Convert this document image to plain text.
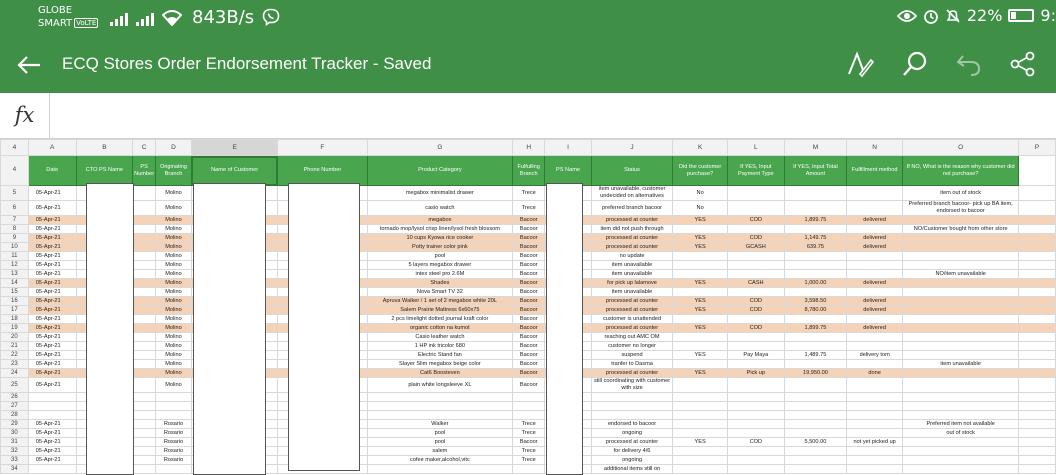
GLOBE
SMART VoLTE	843B/s	22% 9:
ECQ Stores Order Endorsement Tracker - Saved
fx
4	A	B	C	D	E	F	G	H	I	J	K	L	M	N	O	P
4	Date	CTO PS Name	PS Number	Originating Branch	Name of Customer	Phone Number	Product Category	Fulfulling Branch	PS Name	Status	Did the customer purchase?	If YES, Input Payment Type	If YES, Input Total Amount	Fulfillment method	If NO, What is the reason why customer did not purchase?	
5	05-Apr-21			Molino			megabox minimalist drawer	Trece		item unavailable, customer undecided on alternatives	No				item out of stock	
6	05-Apr-21			Molino			casio watch	Trece		preferred branch bacoor	No				Preferred branch bacoor- pick up BA item, endorsed to bacoor	
7	05-Apr-21			Molino			megabox	Bacoor		processed at counter	YES	COD	1,899.75	delivered		
8	05-Apr-21			Molino			tornado mop/lysol crisp linen/lysol fresh blossom	Bacoor		item did not push through					NO/Customer bought from other store	
9	05-Apr-21			Molino			10 cups Kyowa rice cooker	Bacoor		processed at counter	YES	COD	1,149.75	delivered		
10	05-Apr-21			Molino			Potty trainer color pink	Bacoor		processed at counter	YES	GCASH	639.75	delivered		
11	05-Apr-21			Molino			pool	Bacoor		no update						
12	05-Apr-21			Molino			5 layers megabox drawer	Bacoor		item unavailable						
13	05-Apr-21			Molino			intex steel pro 2.6M	Bacoor		item unavailable					NO/item unavailable	
14	05-Apr-21			Molino			Shades	Bacoor		for pick up lalamove	YES	CASH	1,000.00	delivered		
15	05-Apr-21			Molino			Nova Smart TV 32	Bacoor		item unavailable						
16	05-Apr-21			Molino			Apruva Walker / 1 set of 2 megabox white 20L	Bacoor		processed at counter	YES	COD	3,598.50	delivered		
17	05-Apr-21			Molino			Salem Prairie Mattress 6x60x75	Bacoor		processed at counter	YES	COD	8,780.00	delivered		
18	05-Apr-21			Molino			2 pcs limelight dotted journal kraft color	Bacoor		customer is unattended						
19	05-Apr-21			Molino			organic cotton na kumot	Bacoor		processed at counter	YES	COD	1,899.75	delivered		
20	05-Apr-21			Molino			Casio leather watch	Bacoor		reaching out AMC OM						
21	05-Apr-21			Molino			1 HP ink tricolor 680	Bacoor		customer no longer						
22	05-Apr-21			Molino			Electric Stand fan	Bacoor		suspend	YES	Pay Maya	1,489.75	delivery tom		
23	05-Apr-21			Molino			Slayer Slim megabox beige color	Bacoor		tranfer to Dasma					item unavailable	
24	05-Apr-21			Molino			Cat6 Boosteven	Bacoor		processed at counter	YES	Pick up	19,950.00	done		
25	05-Apr-21			Molino			plain white longsleeve XL	Bacoor		still coordinating with customer with size						
26																
27																
28																
29	05-Apr-21			Rosario			Walker	Trece		endorsed to bacoor					Preferred item not available	
30	05-Apr-21			Rosario			pool	Trece		ongoing					out of stock	
31	05-Apr-21			Rosario			pool	Bacoor		processed at counter	YES	COD	5,500.00	not yet picked up		
32	05-Apr-21			Rosario			salem	Trece		for delivery 4/6						
33	05-Apr-21			Rosario			cofee maker,alcohol,vitc	Trece		ongoing						
34										additional items still on						
